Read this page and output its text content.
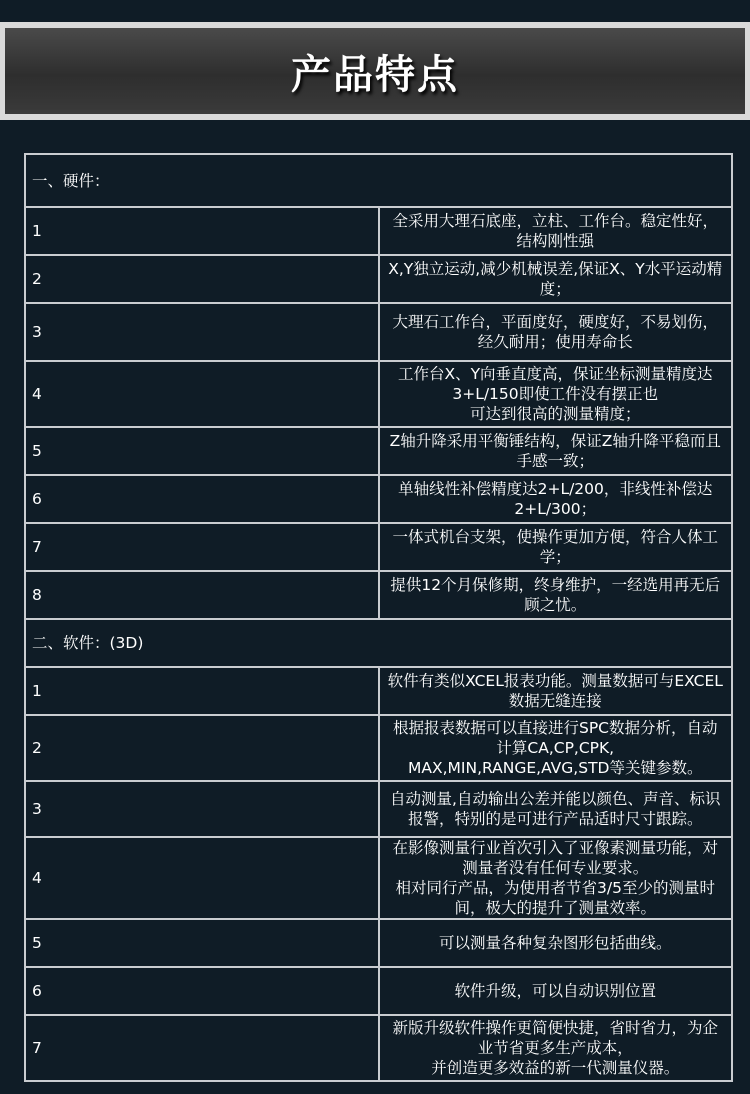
产品特点
一、硬件：	
1	全采用大理石底座，立柱、工作台。稳定性好，结构刚性强
2	X,Y独立运动,减少机械误差,保证X、Y水平运动精度；
3	大理石工作台，平面度好，硬度好，不易划伤，经久耐用；使用寿命长
4	工作台X、Y向垂直度高，保证坐标测量精度达3+L/150即使工件没有摆正也
可达到很高的测量精度；
5	Z轴升降采用平衡锤结构，保证Z轴升降平稳而且手感一致；
6	单轴线性补偿精度达2+L/200，非线性补偿达2+L/300；
7	一体式机台支架，使操作更加方便，符合人体工学；
8	提供12个月保修期，终身维护，一经选用再无后顾之忧。
二、软件：(3D)	
1	软件有类似XCEL报表功能。测量数据可与EXCEL数据无缝连接
2	根据报表数据可以直接进行SPC数据分析，自动计算CA,CP,CPK,
MAX,MIN,RANGE,AVG,STD等关键参数。
3	自动测量,自动输出公差并能以颜色、声音、标识报警，特别的是可进行产品适时尺寸跟踪。
4	在影像测量行业首次引入了亚像素测量功能，对测量者没有任何专业要求。
相对同行产品，为使用者节省3/5至少的测量时间，极大的提升了测量效率。
5	可以测量各种复杂图形包括曲线。
6	软件升级，可以自动识别位置
7	新版升级软件操作更简便快捷，省时省力，为企业节省更多生产成本，
并创造更多效益的新一代测量仪器。
